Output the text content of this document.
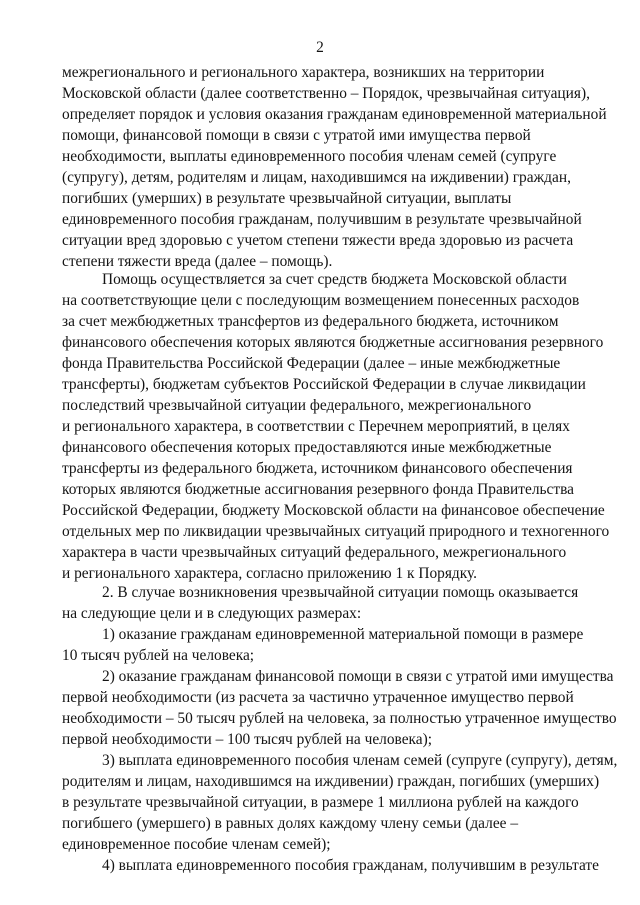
2
межрегионального и регионального характера, возникших на территории
Московской области (далее соответственно – Порядок, чрезвычайная ситуация),
определяет порядок и условия оказания гражданам единовременной материальной
помощи, финансовой помощи в связи с утратой ими имущества первой
необходимости, выплаты единовременного пособия членам семей (супруге
(супругу), детям, родителям и лицам, находившимся на иждивении) граждан,
погибших (умерших) в результате чрезвычайной ситуации, выплаты
единовременного пособия гражданам, получившим в результате чрезвычайной
ситуации вред здоровью с учетом степени тяжести вреда здоровью из расчета
степени тяжести вреда (далее – помощь).
Помощь осуществляется за счет средств бюджета Московской области
на соответствующие цели с последующим возмещением понесенных расходов
за счет межбюджетных трансфертов из федерального бюджета, источником
финансового обеспечения которых являются бюджетные ассигнования резервного
фонда Правительства Российской Федерации (далее – иные межбюджетные
трансферты), бюджетам субъектов Российской Федерации в случае ликвидации
последствий чрезвычайной ситуации федерального, межрегионального
и регионального характера, в соответствии с Перечнем мероприятий, в целях
финансового обеспечения которых предоставляются иные межбюджетные
трансферты из федерального бюджета, источником финансового обеспечения
которых являются бюджетные ассигнования резервного фонда Правительства
Российской Федерации, бюджету Московской области на финансовое обеспечение
отдельных мер по ликвидации чрезвычайных ситуаций природного и техногенного
характера в части чрезвычайных ситуаций федерального, межрегионального
и регионального характера, согласно приложению 1 к Порядку.
2. В случае возникновения чрезвычайной ситуации помощь оказывается
на следующие цели и в следующих размерах:
1) оказание гражданам единовременной материальной помощи в размере
10 тысяч рублей на человека;
2) оказание гражданам финансовой помощи в связи с утратой ими имущества
первой необходимости (из расчета за частично утраченное имущество первой
необходимости – 50 тысяч рублей на человека, за полностью утраченное имущество
первой необходимости – 100 тысяч рублей на человека);
3) выплата единовременного пособия членам семей (супруге (супругу), детям,
родителям и лицам, находившимся на иждивении) граждан, погибших (умерших)
в результате чрезвычайной ситуации, в размере 1 миллиона рублей на каждого
погибшего (умершего) в равных долях каждому члену семьи (далее –
единовременное пособие членам семей);
4) выплата единовременного пособия гражданам, получившим в результате
